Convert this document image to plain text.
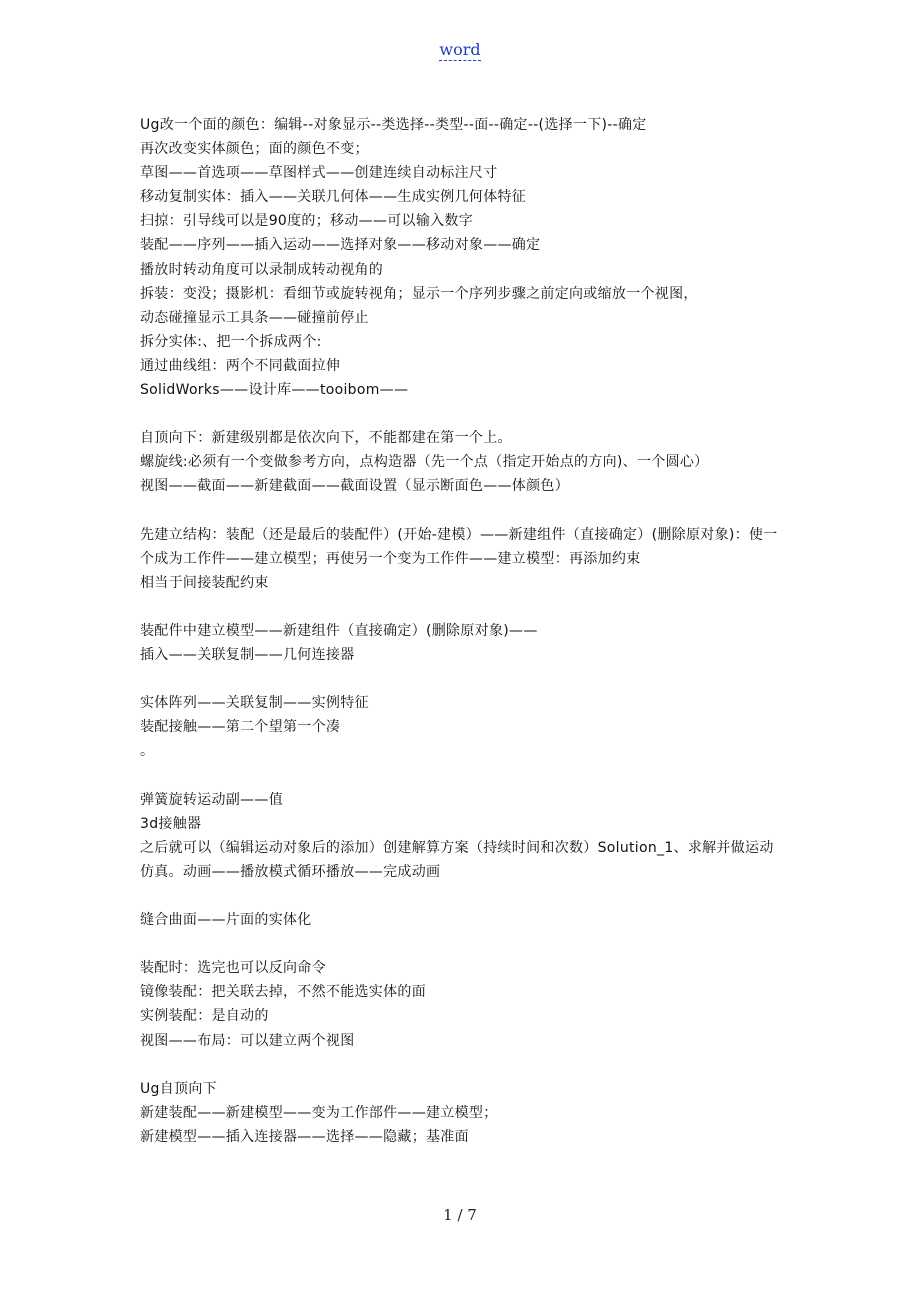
word
Ug改一个面的颜色：编辑--对象显示--类选择--类型--面--确定--(选择一下)--确定
再次改变实体颜色；面的颜色不变；
草图——首选项——草图样式——创建连续自动标注尺寸
移动复制实体：插入——关联几何体——生成实例几何体特征
扫掠：引导线可以是90度的；移动——可以输入数字
装配——序列——插入运动——选择对象——移动对象——确定
播放时转动角度可以录制成转动视角的
拆装：变没；摄影机：看细节或旋转视角；显示一个序列步骤之前定向或缩放一个视图，
动态碰撞显示工具条——碰撞前停止
拆分实体:、把一个拆成两个:
通过曲线组：两个不同截面拉伸
SolidWorks——设计库——tooibom——
自顶向下：新建级别都是依次向下，不能都建在第一个上。
螺旋线:必须有一个变做参考方向，点构造器（先一个点（指定开始点的方向)、一个圆心）
视图——截面——新建截面——截面设置（显示断面色——体颜色）
先建立结构：装配（还是最后的装配件）(开始-建模）——新建组件（直接确定）(删除原对象)：使一个成为工作件——建立模型；再使另一个变为工作件——建立模型：再添加约束
相当于间接装配约束
装配件中建立模型——新建组件（直接确定）(删除原对象)——
插入——关联复制——几何连接器
实体阵列——关联复制——实例特征
装配接触——第二个望第一个凑
。
弹簧旋转运动副——值
3d接触器
之后就可以（编辑运动对象后的添加）创建解算方案（持续时间和次数）Solution_1、求解并做运动仿真。动画——播放模式循环播放——完成动画
缝合曲面——片面的实体化
装配时：选完也可以反向命令
镜像装配：把关联去掉，不然不能选实体的面
实例装配：是自动的
视图——布局：可以建立两个视图
Ug自顶向下
新建装配——新建模型——变为工作部件——建立模型；
新建模型——插入连接器——选择——隐藏；基准面
1 / 7
